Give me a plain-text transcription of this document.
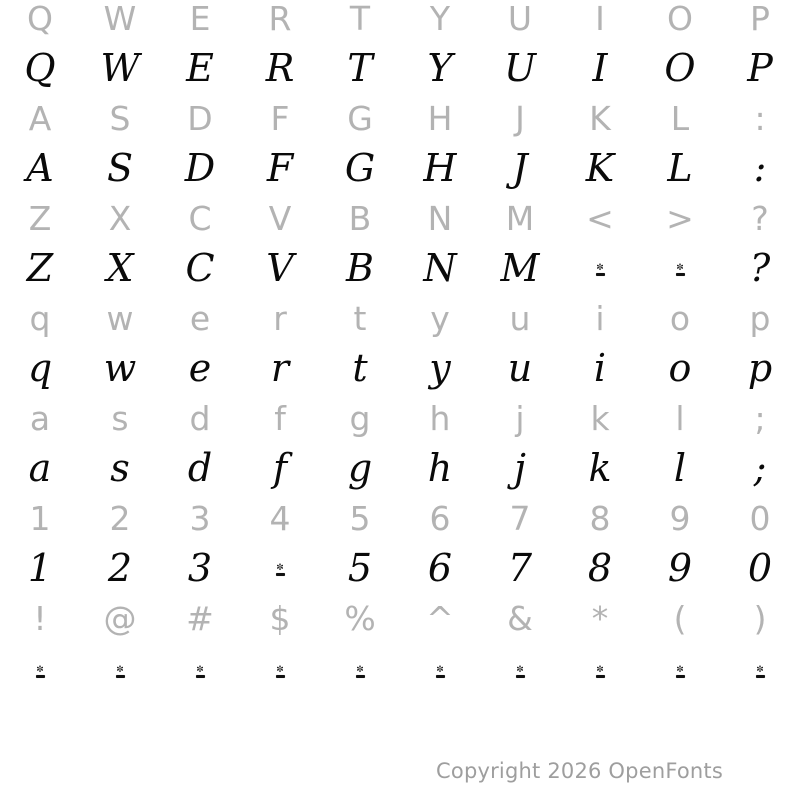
Q	W	E	R	T	Y	U	I	O	P
Q	W	E	R	T	Y	U	I	O	P
A	S	D	F	G	H	J	K	L	:
A	S	D	F	G	H	J	K	L	:
Z	X	C	V	B	N	M	<	>	?
Z	X	C	V	B	N	M	✼	✼	?
q	w	e	r	t	y	u	i	o	p
q	w	e	r	t	y	u	i	o	p
a	s	d	f	g	h	j	k	l	;
a	s	d	f	g	h	j	k	l	;
1	2	3	4	5	6	7	8	9	0
1	2	3	✼	5	6	7	8	9	0
!	@	#	$	%	^	&	*	(	)
✼	✼	✼	✼	✼	✼	✼	✼	✼	✼
Copyright 2026 OpenFonts
